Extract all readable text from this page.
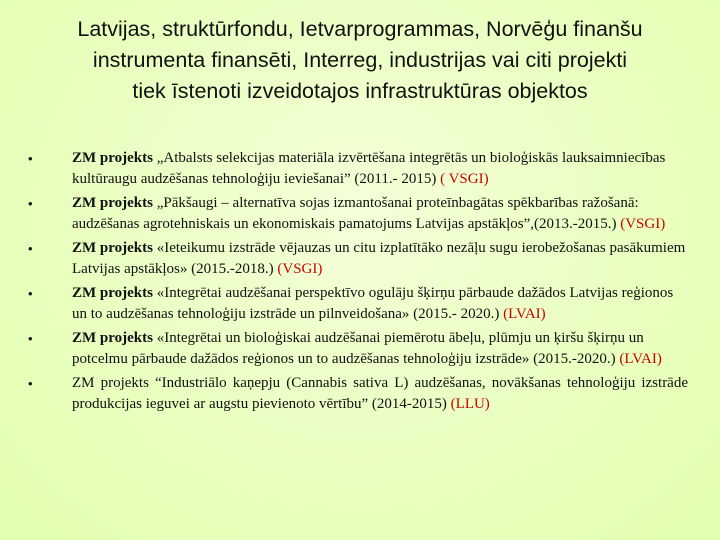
Latvijas, struktūrfondu, Ietvarprogrammas, Norvēģu finanšu
instrumenta finansēti, Interreg, industrijas vai citi projekti
tiek īstenoti izveidotajos infrastruktūras objektos
•	ZM projekts „Atbalsts selekcijas materiāla izvērtēšana integrētās un bioloģiskās lauksaimniecības kultūraugu audzēšanas tehnoloģiju ieviešanai” (2011.- 2015) ( VSGI)
•	ZM projekts „Pākšaugi – alternatīva sojas izmantošanai proteīnbagātas spēkbarības ražošanā: audzēšanas agrotehniskais un ekonomiskais pamatojums Latvijas apstākļos”,(2013.-2015.) (VSGI)
•	ZM projekts «Ieteikumu izstrāde vējauzas un citu izplatītāko nezāļu sugu ierobežošanas pasākumiem Latvijas apstākļos» (2015.-2018.) (VSGI)
•	ZM projekts «Integrētai audzēšanai perspektīvo ogulāju šķirņu pārbaude dažādos Latvijas reģionos un to audzēšanas tehnoloģiju izstrāde un pilnveidošana» (2015.- 2020.) (LVAI)
•	ZM projekts «Integrētai un bioloģiskai audzēšanai piemērotu ābeļu, plūmju un ķiršu šķirņu un potcelmu pārbaude dažādos reģionos un to audzēšanas tehnoloģiju izstrāde» (2015.-2020.) (LVAI)
•	ZM projekts “Industriālo kaņepju (Cannabis sativa L) audzēšanas, novākšanas tehnoloģiju izstrāde produkcijas ieguvei ar augstu pievienoto vērtību” (2014-2015) (LLU)
